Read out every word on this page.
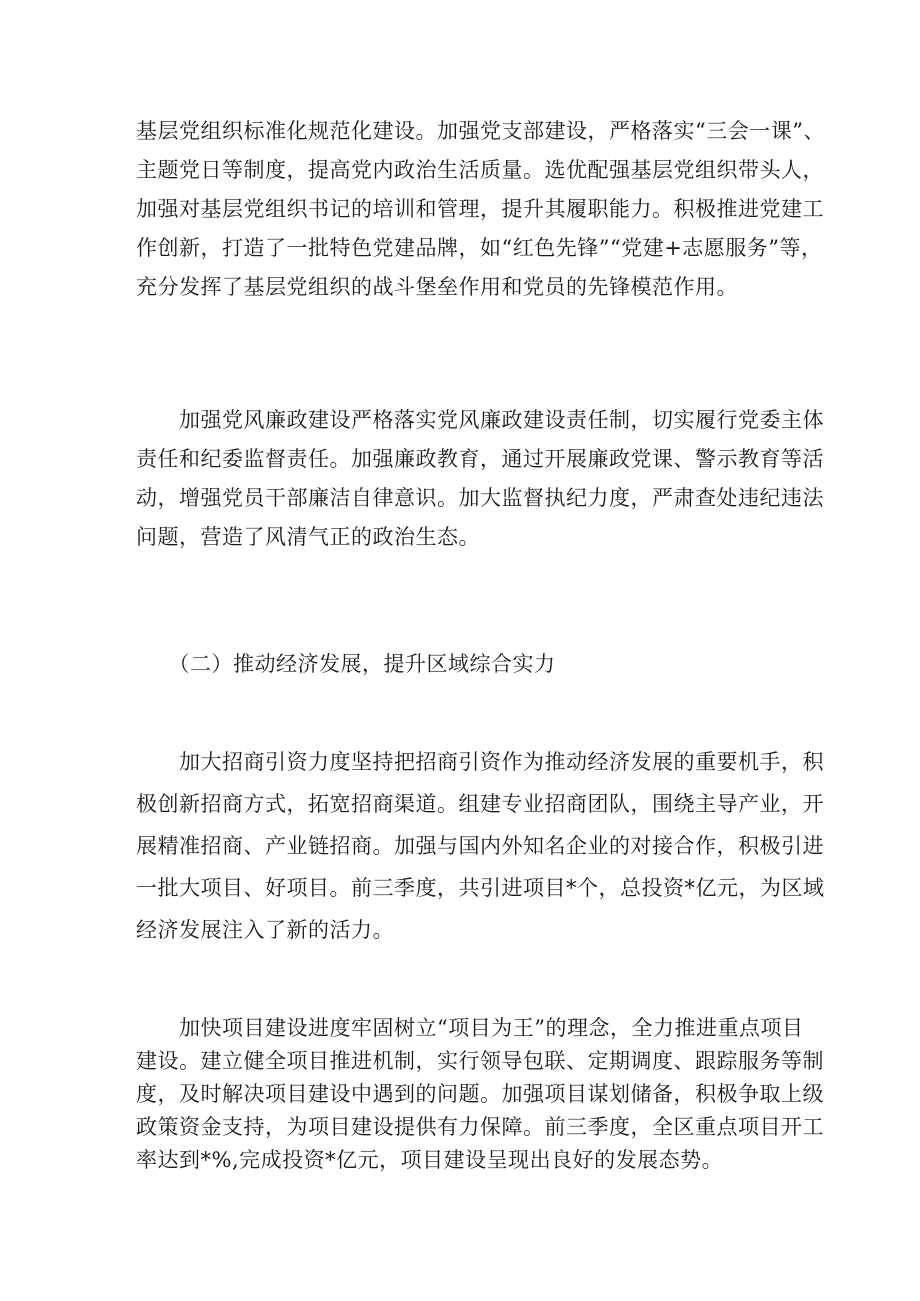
基层党组织标准化规范化建设。加强党支部建设，严格落实“三会一课”、
主题党日等制度，提高党内政治生活质量。选优配强基层党组织带头人，
加强对基层党组织书记的培训和管理，提升其履职能力。积极推进党建工
作创新，打造了一批特色党建品牌，如“红色先锋”“党建+志愿服务”等，
充分发挥了基层党组织的战斗堡垒作用和党员的先锋模范作用。
　　加强党风廉政建设严格落实党风廉政建设责任制，切实履行党委主体
责任和纪委监督责任。加强廉政教育，通过开展廉政党课、警示教育等活
动，增强党员干部廉洁自律意识。加大监督执纪力度，严肃查处违纪违法
问题，营造了风清气正的政治生态。
　　（二）推动经济发展，提升区域综合实力
　　加大招商引资力度坚持把招商引资作为推动经济发展的重要机手，积
极创新招商方式，拓宽招商渠道。组建专业招商团队，围绕主导产业，开
展精准招商、产业链招商。加强与国内外知名企业的对接合作，积极引进
一批大项目、好项目。前三季度，共引进项目*个，总投资*亿元，为区域
经济发展注入了新的活力。
　　加快项目建设进度牢固树立“项目为王”的理念，全力推进重点项目
建设。建立健全项目推进机制，实行领导包联、定期调度、跟踪服务等制
度，及时解决项目建设中遇到的问题。加强项目谋划储备，积极争取上级
政策资金支持，为项目建设提供有力保障。前三季度，全区重点项目开工
率达到*%,完成投资*亿元，项目建设呈现出良好的发展态势。
